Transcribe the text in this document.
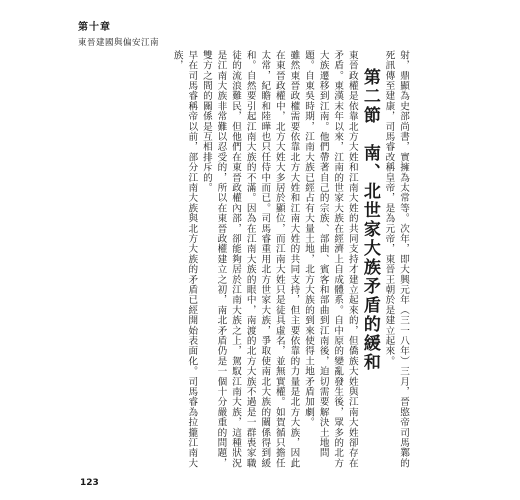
第十章
東晉建國與偏安江南

射，鼎顯為史部尚書，實擁為太常等。次年，即大興元年（三一八年）三月，晉愍帝司馬鄴的死訊傳至建康，司馬睿改稱皇帝，是為元帝，東晉王朝於是建立起來。

第二節　南、北世家大族矛盾的緩和

東晉政權是依靠北方大姓和江南大姓的共同支持才建立起來的，但僑族大姓與江南大姓卻存在矛盾。東漢末年以來，江南的世家大族在經濟上自成體系。自中原的變亂發生後，眾多的北方大族遷移到江南。他們帶著自己的宗族、部曲、賓客和部曲到江南後，迫切需要解決土地問題。自東吳時期，江南大族已經占有大量土地，北方大族的到來使得土地矛盾加劇。

雖然東晉政權需要依靠北方大姓和江南大姓的共同支持，但主要依靠的力量是北方大族，因此在東晉政權中，北方大姓大多居於顯位，而江南大姓只是徒具虛名，並無實權。如賀循只擔任太常，紀瞻和陸曄也只任侍中而已。司馬睿重用北方世家大族，爭取使南北大族的關係得到緩和。自然要引起江南大族的不滿。因為在江南大族的眼中，南渡的北方大族不過是一群喪家職徒的流浪難民，但他們在東晉政權內部，卻能夠居於江南大族之上，駕馭江南大族，這種狀況是江南大族非常難以忍受的，所以在東晉政權建立之初，南北矛盾仍是一個十分嚴重的問題，雙方之間的關係是互相排斥的。

早在司馬睿稱帝以前，部分江南大族與北方大族的矛盾已經開始表面化。司馬睿為拉攏江南大族，

123
